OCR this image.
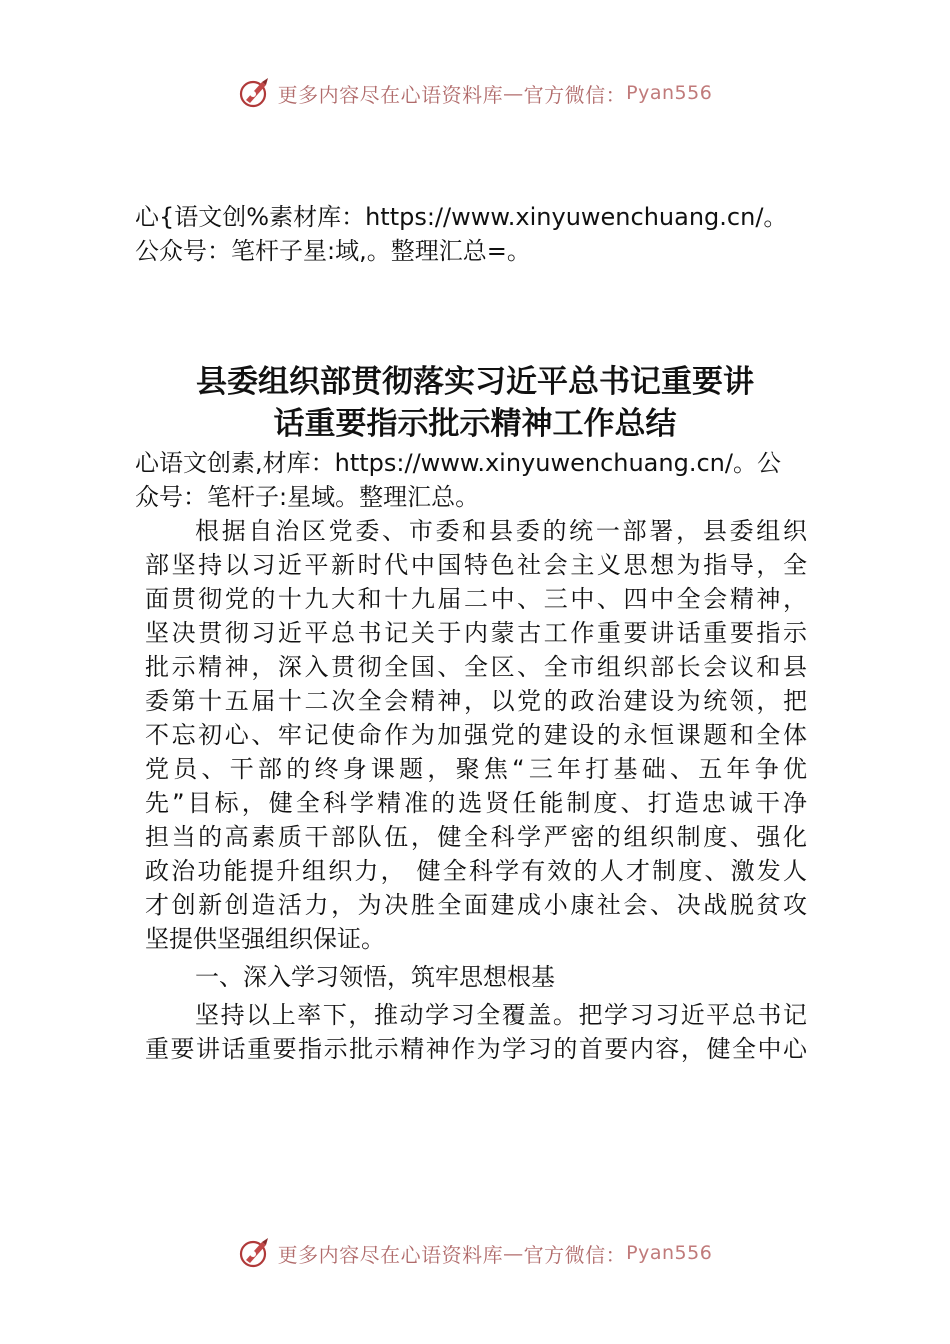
更多内容尽在心语资料库 — 官方微信： Pyan556
心{语文创%素材库：https://www.xinyuwenchuang.cn/。
公众号：笔杆子星:域,。整理汇总=。
县委组织部贯彻落实习近平总书记重要讲
话重要指示批示精神工作总结
心语文创素,材库：https://www.xinyuwenchuang.cn/。公
众号：笔杆子:星域。整理汇总。
根据自治区党委、市委和县委的统一部署，县委组织
部坚持以习近平新时代中国特色社会主义思想为指导，全
面贯彻党的十九大和十九届二中、三中、四中全会精神，
坚决贯彻习近平总书记关于内蒙古工作重要讲话重要指示
批示精神，深入贯彻全国、全区、全市组织部长会议和县
委第十五届十二次全会精神，以党的政治建设为统领，把
不忘初心、牢记使命作为加强党的建设的永恒课题和全体
党员、干部的终身课题，聚焦“三年打基础、五年争优
先”目标，健全科学精准的选贤任能制度、打造忠诚干净
担当的高素质干部队伍，健全科学严密的组织制度、强化
政治功能提升组织力， 健全科学有效的人才制度、激发人
才创新创造活力，为决胜全面建成小康社会、决战脱贫攻
坚提供坚强组织保证。
一、深入学习领悟，筑牢思想根基
坚持以上率下，推动学习全覆盖。把学习习近平总书记
重要讲话重要指示批示精神作为学习的首要内容，健全中心
更多内容尽在心语资料库 — 官方微信： Pyan556
